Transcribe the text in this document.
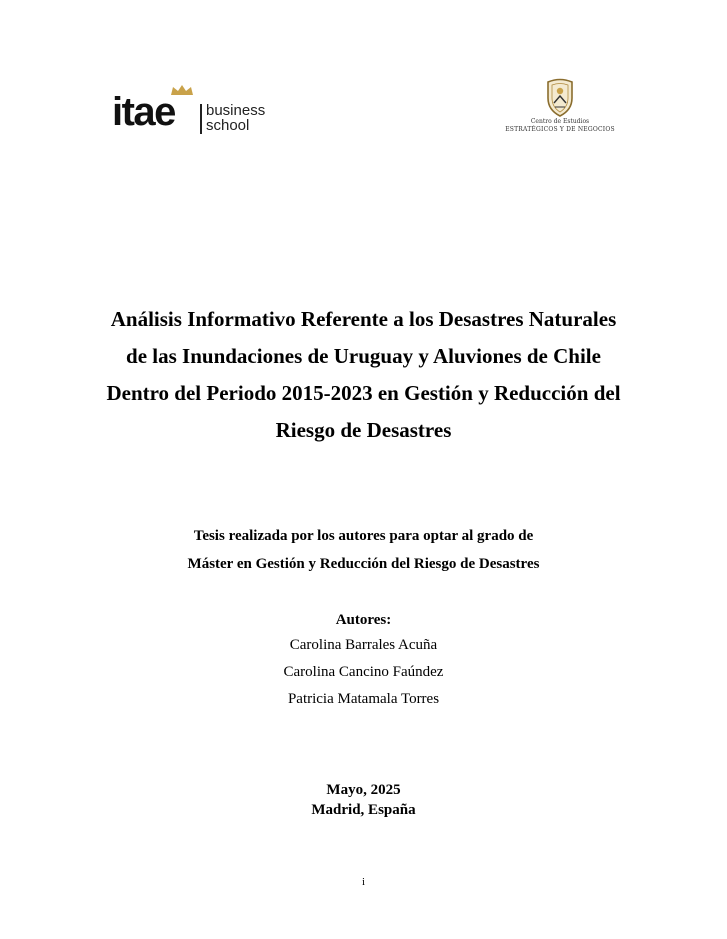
itae business
school	Centro de Estudios
ESTRATÉGICOS Y DE NEGOCIOS
Análisis Informativo Referente a los Desastres Naturales
de las Inundaciones de Uruguay y Aluviones de Chile
Dentro del Periodo 2015-2023 en Gestión y Reducción del
Riesgo de Desastres
Tesis realizada por los autores para optar al grado de
Máster en Gestión y Reducción del Riesgo de Desastres
Autores:
Carolina Barrales Acuña
Carolina Cancino Faúndez
Patricia Matamala Torres
Mayo, 2025
Madrid, España
i
